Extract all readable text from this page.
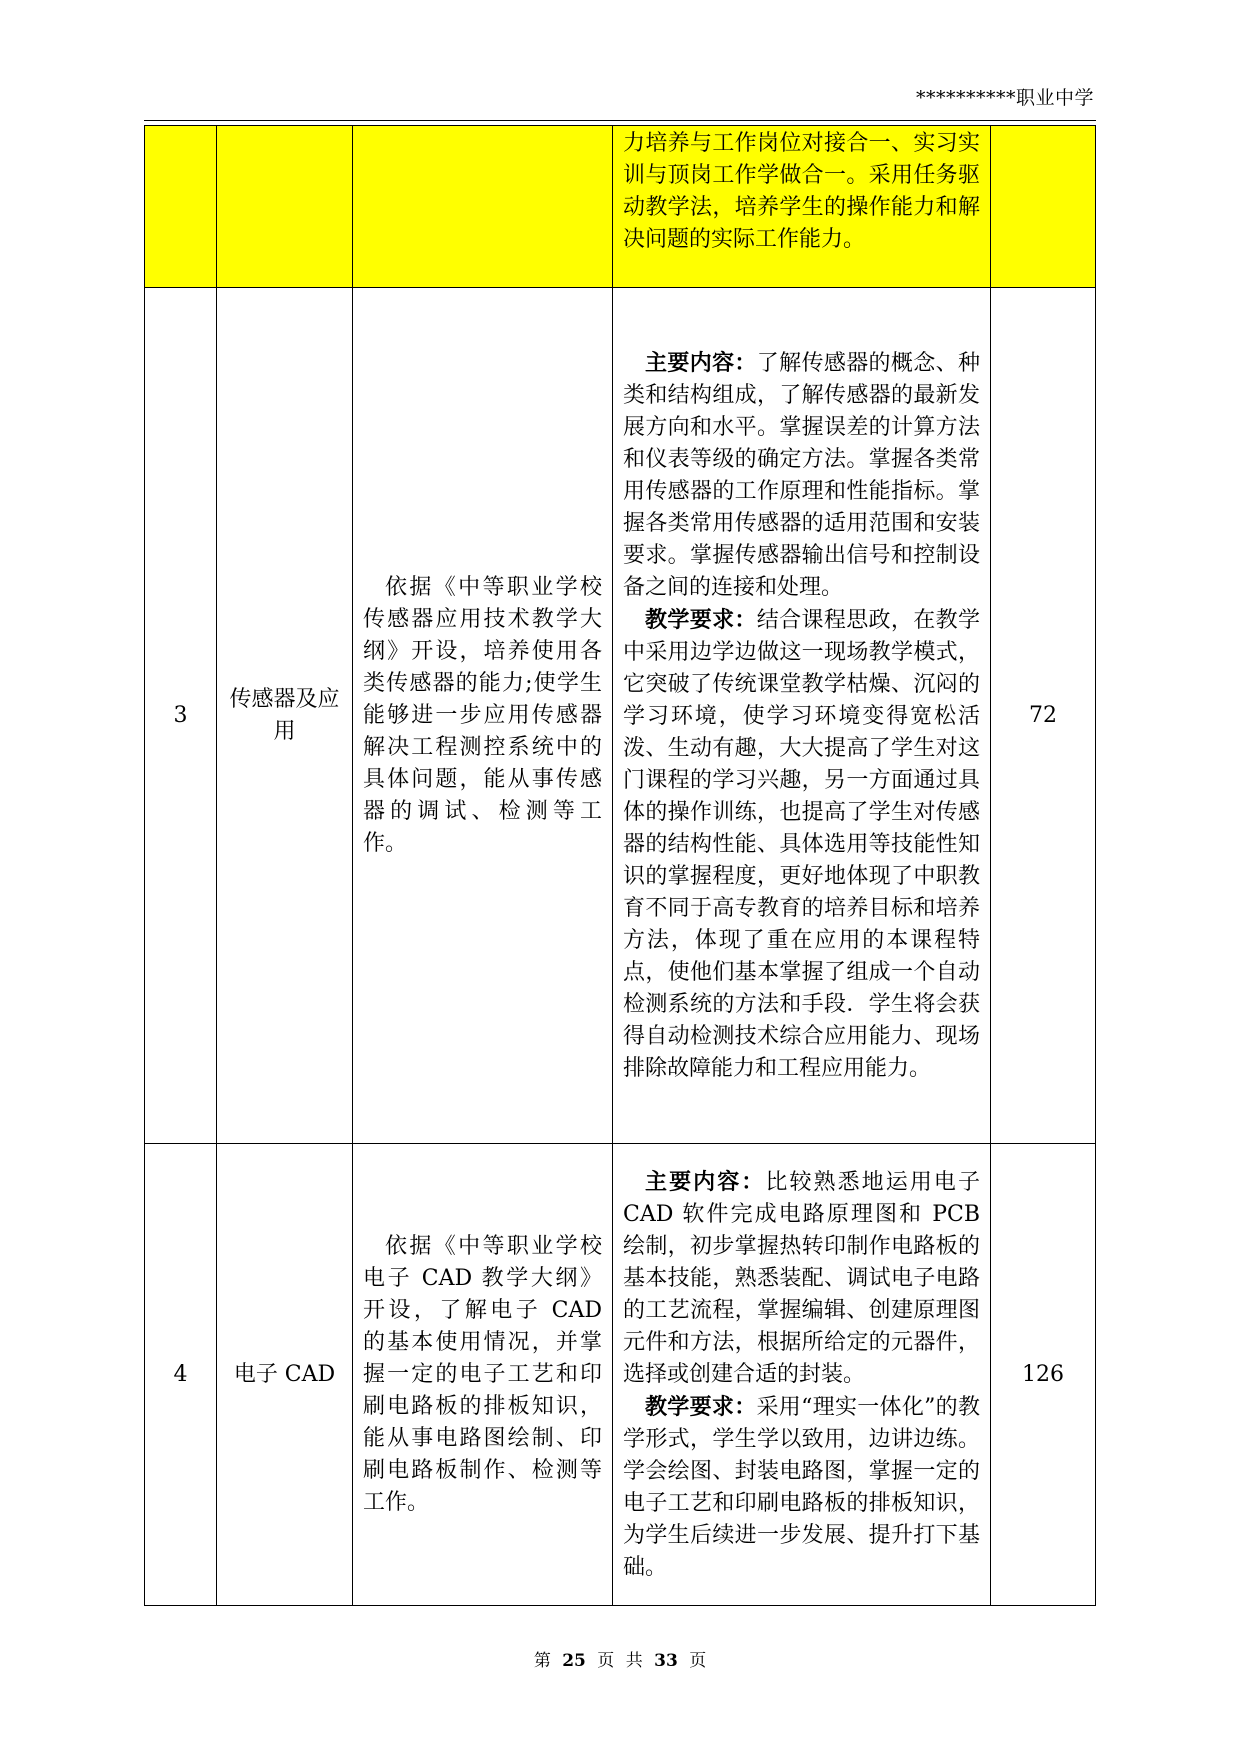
**********职业中学

			力培养与工作岗位对接合一、实习实训与顶岗工作学做合一。采用任务驱动教学法，培养学生的操作能力和解决问题的实际工作能力。	

3	传感器及应用	依据《中等职业学校传感器应用技术教学大纲》开设，培养使用各类传感器的能力;使学生能够进一步应用传感器解决工程测控系统中的具体问题，能从事传感器的调试、检测等工作。	主要内容：了解传感器的概念、种类和结构组成，了解传感器的最新发展方向和水平。掌握误差的计算方法和仪表等级的确定方法。掌握各类常用传感器的工作原理和性能指标。掌握各类常用传感器的适用范围和安装要求。掌握传感器输出信号和控制设备之间的连接和处理。

教学要求：结合课程思政，在教学中采用边学边做这一现场教学模式，它突破了传统课堂教学枯燥、沉闷的学习环境，使学习环境变得宽松活泼、生动有趣，大大提高了学生对这门课程的学习兴趣，另一方面通过具体的操作训练，也提高了学生对传感器的结构性能、具体选用等技能性知识的掌握程度，更好地体现了中职教育不同于高专教育的培养目标和培养方法，体现了重在应用的本课程特点，使他们基本掌握了组成一个自动检测系统的方法和手段．学生将会获得自动检测技术综合应用能力、现场排除故障能力和工程应用能力。	72
4	电子 CAD	依据《中等职业学校电子 CAD 教学大纲》开设，了解电子 CAD 的基本使用情况，并掌握一定的电子工艺和印刷电路板的排板知识，能从事电路图绘制、印刷电路板制作、检测等工作。	主要内容：比较熟悉地运用电子 CAD 软件完成电路原理图和 PCB 绘制，初步掌握热转印制作电路板的基本技能，熟悉装配、调试电子电路的工艺流程，掌握编辑、创建原理图元件和方法，根据所给定的元器件，选择或创建合适的封装。

教学要求：采用“理实一体化”的教学形式，学生学以致用，边讲边练。学会绘图、封装电路图，掌握一定的电子工艺和印刷电路板的排板知识，为学生后续进一步发展、提升打下基础。	126
第 25 页 共 33 页
